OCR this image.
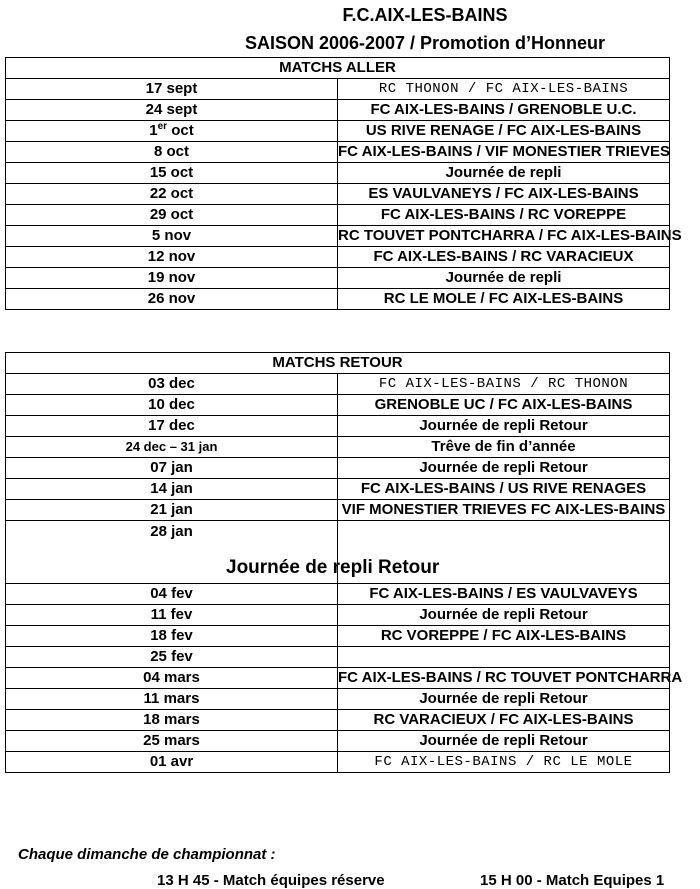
F.C.AIX-LES-BAINS
SAISON 2006-2007 / Promotion d’Honneur
MATCHS ALLER	
17 sept	RC THONON / FC AIX-LES-BAINS
24 sept	FC AIX-LES-BAINS / GRENOBLE U.C.
1er oct	US RIVE RENAGE / FC AIX-LES-BAINS
8 oct	FC AIX-LES-BAINS / VIF MONESTIER TRIEVES
15 oct	Journée de repli
22 oct	ES VAULVANEYS / FC AIX-LES-BAINS
29 oct	FC AIX-LES-BAINS / RC VOREPPE
5 nov	RC TOUVET PONTCHARRA / FC AIX-LES-BAINS
12 nov	FC AIX-LES-BAINS / RC VARACIEUX
19 nov	Journée de repli
26 nov	RC LE MOLE / FC AIX-LES-BAINS
MATCHS RETOUR	
03 dec	FC AIX-LES-BAINS / RC THONON
10 dec	GRENOBLE UC / FC AIX-LES-BAINS
17 dec	Journée de repli Retour
24 dec – 31 jan	Trêve de fin d’année
07 jan	Journée de repli Retour
14 jan	FC AIX-LES-BAINS / US RIVE RENAGES
21 jan	VIF MONESTIER TRIEVES FC AIX-LES-BAINS
28 jan	Journée de repli Retour
04 fev	FC AIX-LES-BAINS / ES VAULVAVEYS
11 fev	Journée de repli Retour
18 fev	RC VOREPPE / FC AIX-LES-BAINS
25 fev	
04 mars	FC AIX-LES-BAINS / RC TOUVET PONTCHARRA
11 mars	Journée de repli Retour
18 mars	RC VARACIEUX / FC AIX-LES-BAINS
25 mars	Journée de repli Retour
01 avr	FC AIX-LES-BAINS / RC LE MOLE
Chaque dimanche de championnat :
13 H 45 - Match équipes réserve	15 H 00 - Match Equipes 1
